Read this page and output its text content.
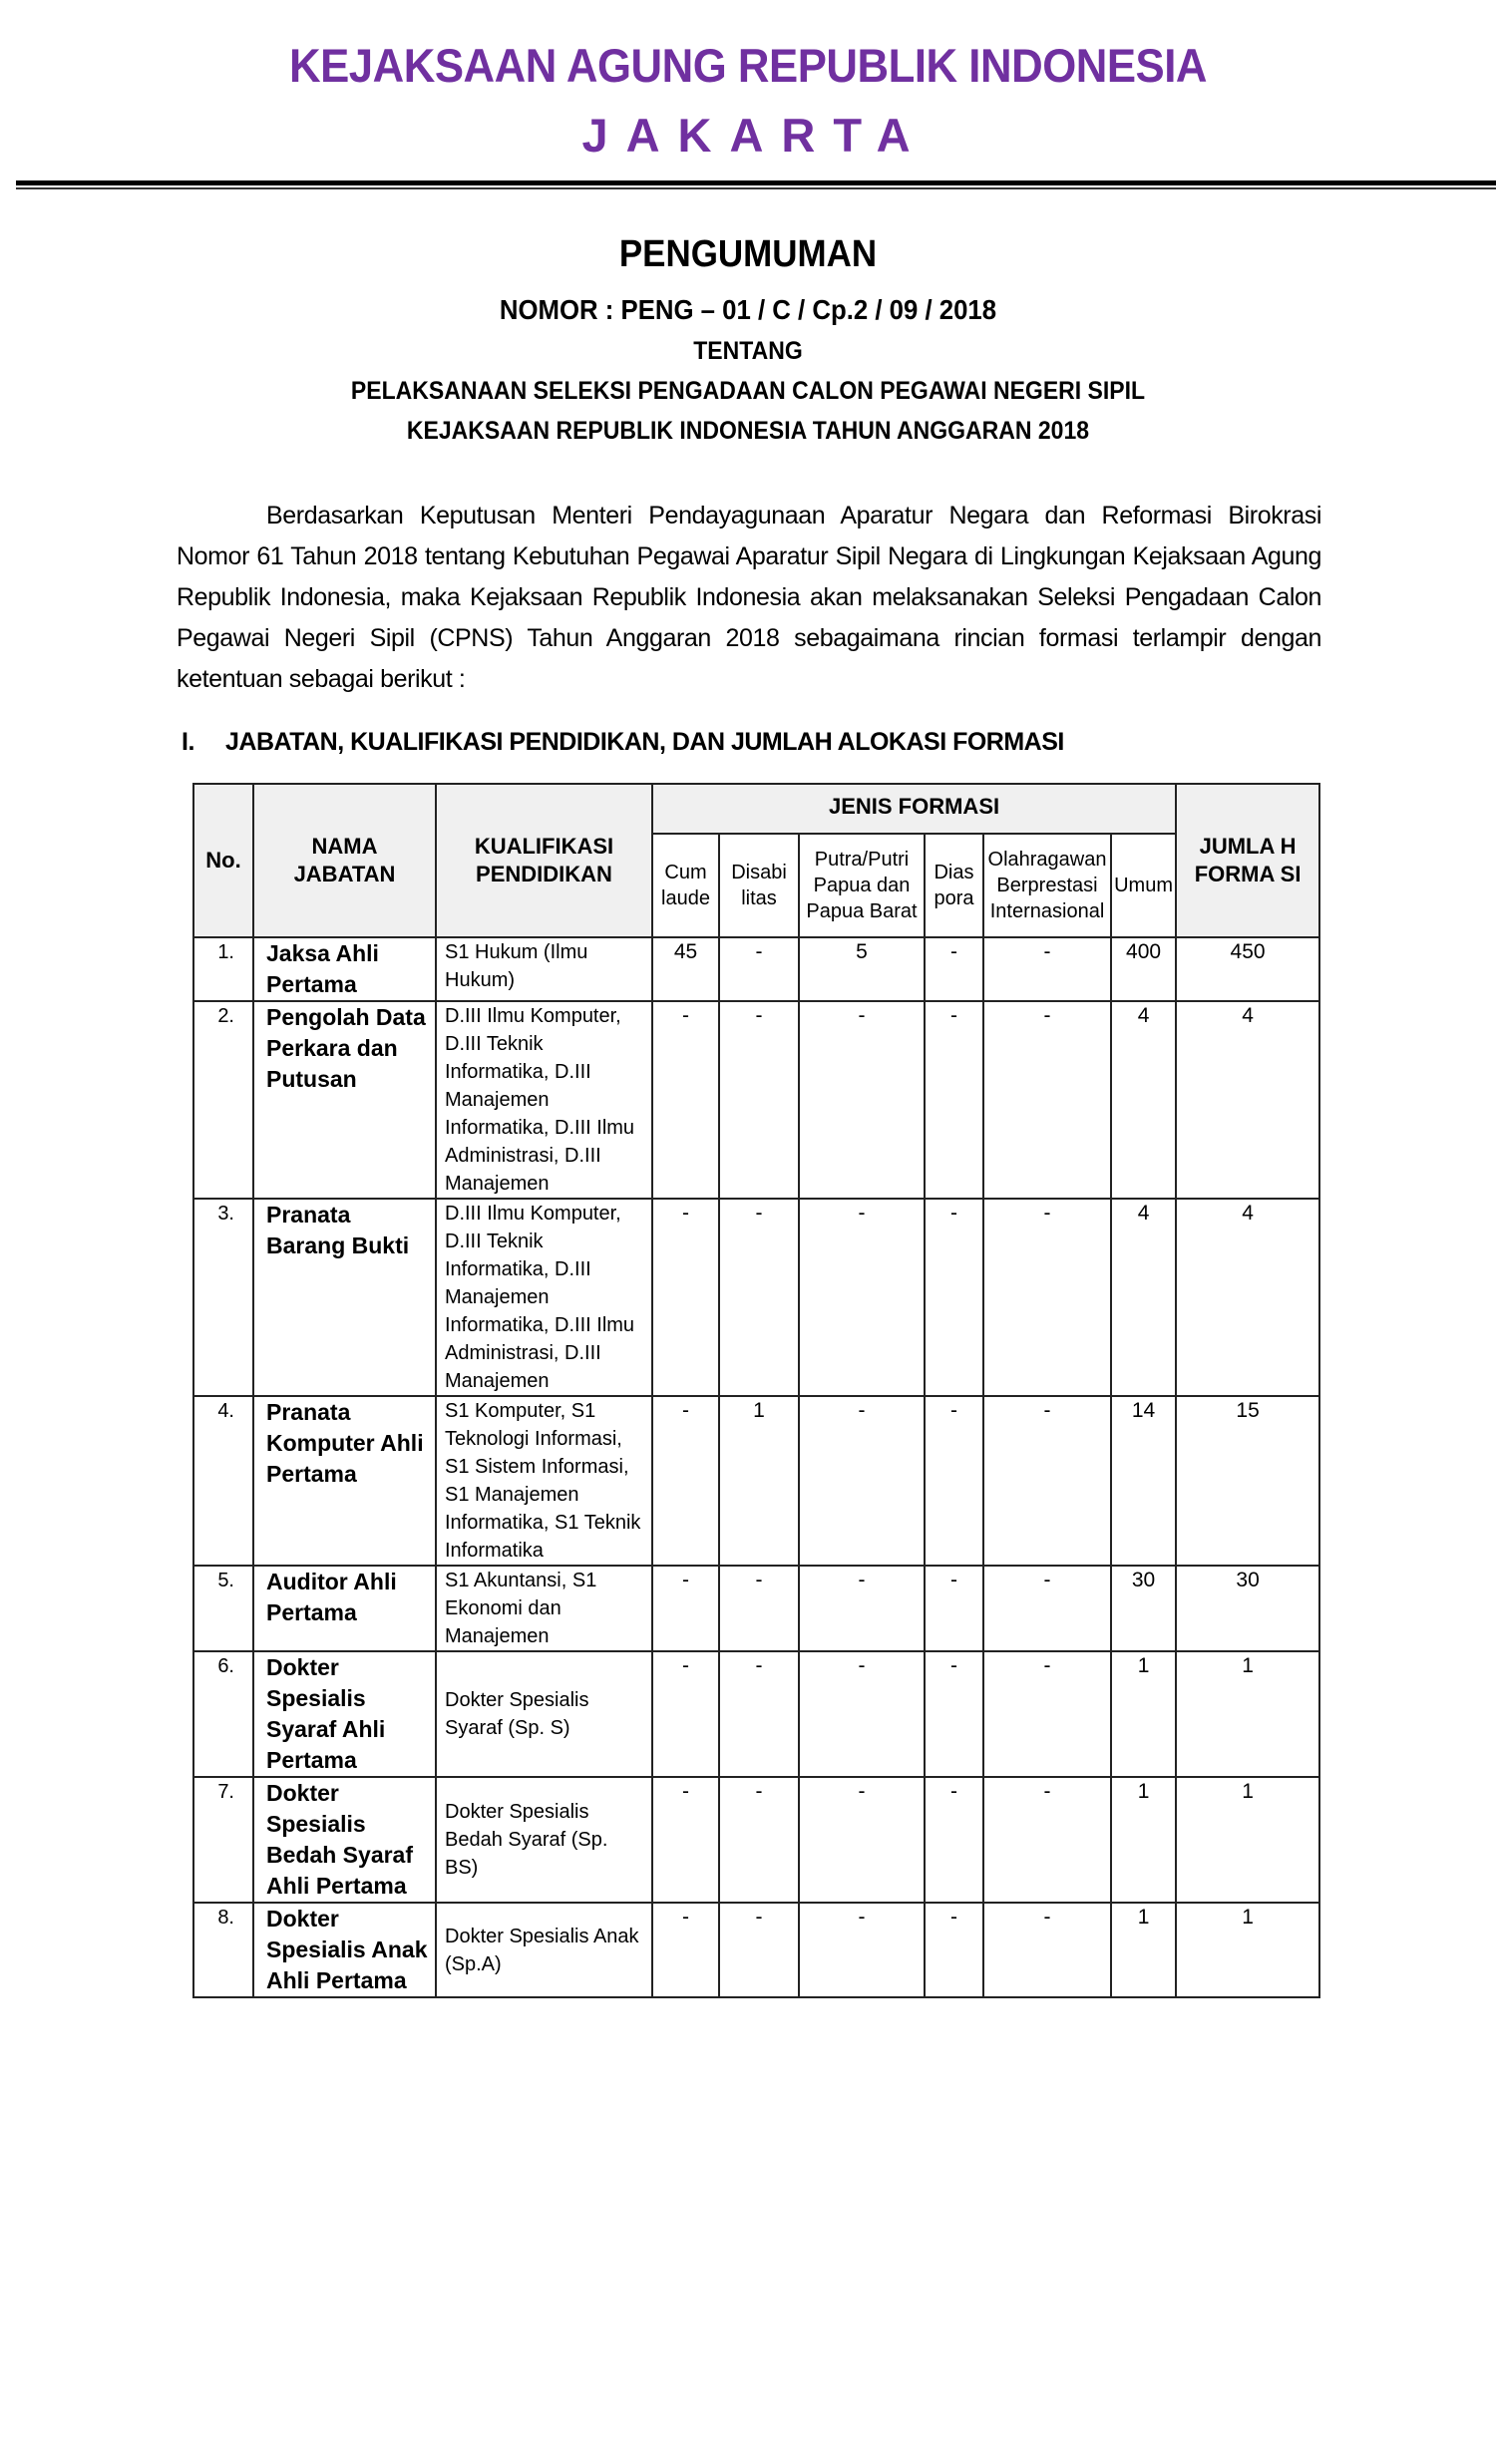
KEJAKSAAN AGUNG REPUBLIK INDONESIA
JAKARTA
PENGUMUMAN
NOMOR : PENG – 01 / C / Cp.2 / 09 / 2018
TENTANG
PELAKSANAAN SELEKSI PENGADAAN CALON PEGAWAI NEGERI SIPIL
KEJAKSAAN REPUBLIK INDONESIA TAHUN ANGGARAN 2018

Berdasarkan Keputusan Menteri Pendayagunaan Aparatur Negara dan Reformasi Birokrasi Nomor 61 Tahun 2018 tentang Kebutuhan Pegawai Aparatur Sipil Negara di Lingkungan Kejaksaan Agung Republik Indonesia, maka Kejaksaan Republik Indonesia akan melaksanakan Seleksi Pengadaan Calon Pegawai Negeri Sipil (CPNS) Tahun Anggaran 2018 sebagaimana rincian formasi terlampir dengan ketentuan sebagai berikut :

I. JABATAN, KUALIFIKASI PENDIDIKAN, DAN JUMLAH ALOKASI FORMASI
No.	NAMA JABATAN	KUALIFIKASI PENDIDIKAN	JENIS FORMASI						JUMLA H FORMA SI
			Cum laude	Disabi litas	Putra/Putri Papua dan Papua Barat	Dias pora	Olahragawan Berprestasi Internasional	Umum	
1.	Jaksa Ahli Pertama	S1 Hukum (Ilmu Hukum)	45	-	5	-	-	400	450
2.	Pengolah Data Perkara dan Putusan	D.III Ilmu Komputer, D.III Teknik Informatika, D.III Manajemen Informatika, D.III Ilmu Administrasi, D.III Manajemen	-	-	-	-	-	4	4
3.	Pranata Barang Bukti	D.III Ilmu Komputer, D.III Teknik Informatika, D.III Manajemen Informatika, D.III Ilmu Administrasi, D.III Manajemen	-	-	-	-	-	4	4
4.	Pranata Komputer Ahli Pertama	S1 Komputer, S1 Teknologi Informasi, S1 Sistem Informasi, S1 Manajemen Informatika, S1 Teknik Informatika	-	1	-	-	-	14	15
5.	Auditor Ahli Pertama	S1 Akuntansi, S1 Ekonomi dan Manajemen	-	-	-	-	-	30	30
6.	Dokter Spesialis Syaraf Ahli Pertama	Dokter Spesialis Syaraf (Sp. S)	-	-	-	-	-	1	1
7.	Dokter Spesialis Bedah Syaraf Ahli Pertama	Dokter Spesialis Bedah Syaraf (Sp. BS)	-	-	-	-	-	1	1
8.	Dokter Spesialis Anak Ahli Pertama	Dokter Spesialis Anak (Sp.A)	-	-	-	-	-	1	1
